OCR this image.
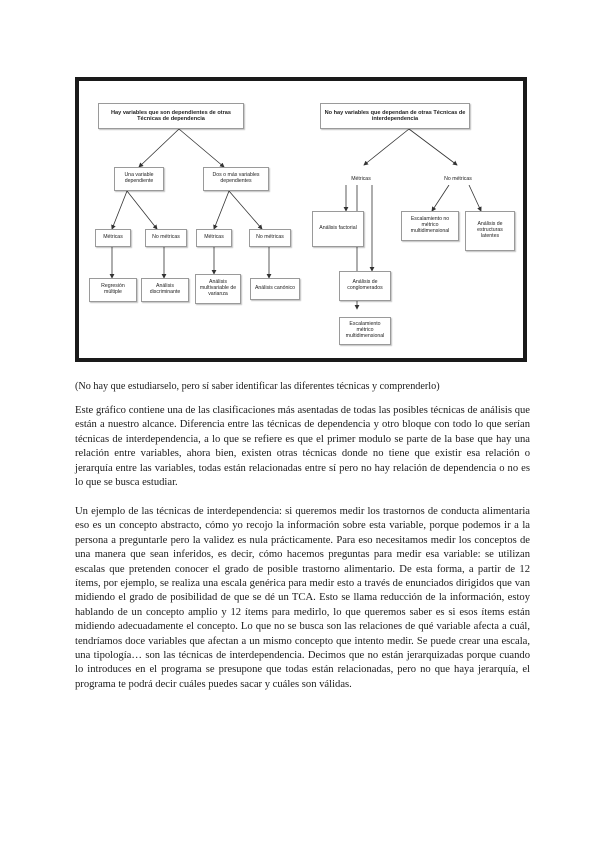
Hay variables que son dependientes de otras Técnicas de dependencia
No hay variables que dependan de otras Técnicas de interdependencia
Una variable dependiente
Dos o más variables dependientes
Métricas	No métricas	Métricas	No métricas
Regresión múltiple
Análisis discriminante
Análisis multivariable de varianza
Análisis canónico
Métricas	No métricas
Análisis factorial
Análisis de conglomerados
Escalamiento métrico multidimensional
Escalamiento no métrico multidimensional
Análisis de estructuras latentes

(No hay que estudiarselo, pero sí saber identificar las diferentes técnicas y comprenderlo)

Este gráfico contiene una de las clasificaciones más asentadas de todas las posibles técnicas de análisis que están a nuestro alcance. Diferencia entre las técnicas de dependencia y otro bloque con todo lo que serían técnicas de interdependencia, a lo que se refiere es que el primer modulo se parte de la base que hay una relación entre variables, ahora bien, existen otras técnicas donde no tiene que existir esa relación o jerarquía entre las variables, todas están relacionadas entre sí pero no hay relación de dependencia o no es lo que se busca estudiar.

Un ejemplo de las técnicas de interdependencia: si queremos medir los trastornos de conducta alimentaria eso es un concepto abstracto, cómo yo recojo la información sobre esta variable, porque podemos ir a la persona a preguntarle pero la validez es nula prácticamente. Para eso necesitamos medir los conceptos de una manera que sean inferidos, es decir, cómo hacemos preguntas para medir esa variable: se utilizan escalas que pretenden conocer el grado de posible trastorno alimentario. De esta forma, a partir de 12 ítems, por ejemplo, se realiza una escala genérica para medir esto a través de enunciados dirigidos que van midiendo el grado de posibilidad de que se dé un TCA. Esto se llama reducción de la información, estoy hablando de un concepto amplio y 12 ítems para medirlo, lo que queremos saber es si esos ítems están midiendo adecuadamente el concepto. Lo que no se busca son las relaciones de qué variable afecta a cuál, tendríamos doce variables que afectan a un mismo concepto que intento medir. Se puede crear una escala, una tipología… son las técnicas de interdependencia. Decimos que no están jerarquizadas porque cuando lo introduces en el programa se presupone que todas están relacionadas, pero no que haya jerarquía, el programa te podrá decir cuáles puedes sacar y cuáles son válidas.
